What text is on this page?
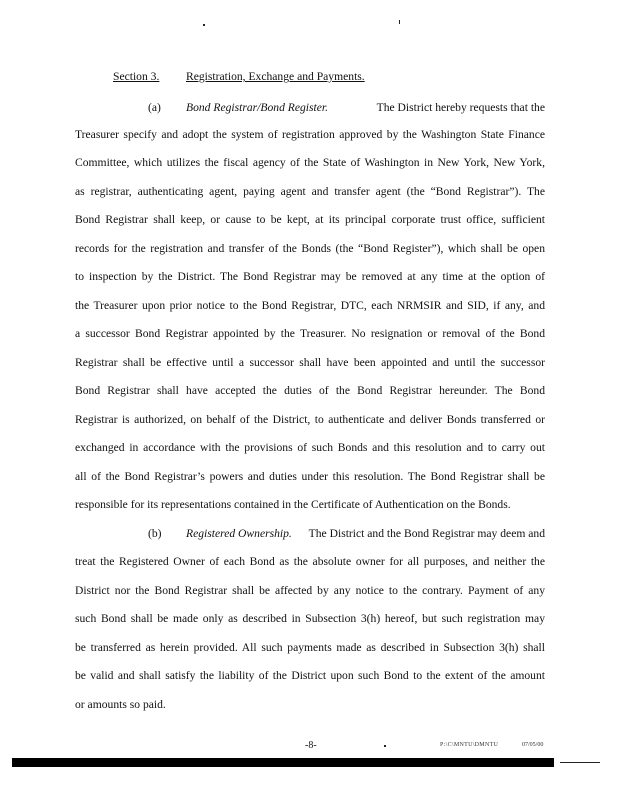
Section 3. Registration, Exchange and Payments.
(a) Bond Registrar/Bond Register.	The District hereby requests that the
Treasurer specify and adopt the system of registration approved by the Washington State Finance
Committee, which utilizes the fiscal agency of the State of Washington in New York, New York,
as registrar, authenticating agent, paying agent and transfer agent (the “Bond Registrar”). The
Bond Registrar shall keep, or cause to be kept, at its principal corporate trust office, sufficient
records for the registration and transfer of the Bonds (the “Bond Register”), which shall be open
to inspection by the District. The Bond Registrar may be removed at any time at the option of
the Treasurer upon prior notice to the Bond Registrar, DTC, each NRMSIR and SID, if any, and
a successor Bond Registrar appointed by the Treasurer. No resignation or removal of the Bond
Registrar shall be effective until a successor shall have been appointed and until the successor
Bond Registrar shall have accepted the duties of the Bond Registrar hereunder. The Bond
Registrar is authorized, on behalf of the District, to authenticate and deliver Bonds transferred or
exchanged in accordance with the provisions of such Bonds and this resolution and to carry out
all of the Bond Registrar’s powers and duties under this resolution. The Bond Registrar shall be
responsible for its representations contained in the Certificate of Authentication on the Bonds.
(b) Registered Ownership.	The District and the Bond Registrar may deem and
treat the Registered Owner of each Bond as the absolute owner for all purposes, and neither the
District nor the Bond Registrar shall be affected by any notice to the contrary. Payment of any
such Bond shall be made only as described in Subsection 3(h) hereof, but such registration may
be transferred as herein provided. All such payments made as described in Subsection 3(h) shall
be valid and shall satisfy the liability of the District upon such Bond to the extent of the amount
or amounts so paid.
-8-	P:\C\MNTU\DMNTU	07/05/00
